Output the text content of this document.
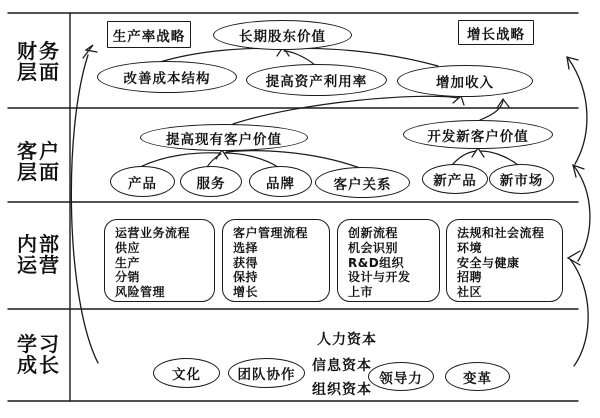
财务
层面
客户
层面
内部
运营
学习
成长
生产率战略	长期股东价值	增长战略
改善成本结构	提高资产利用率	增加收入
提高现有客户价值	开发新客户价值
产品	服务	品牌	客户关系	新产品	新市场
运营业务流程
供应
生产
分销
风险管理
客户管理流程
选择
获得
保持
增长
创新流程
机会识别
R&D组织
设计与开发
上市
法规和社会流程
环境
安全与健康
招聘
社区
人力资本
信息资本
组织资本
文化	团队协作	领导力	变革
